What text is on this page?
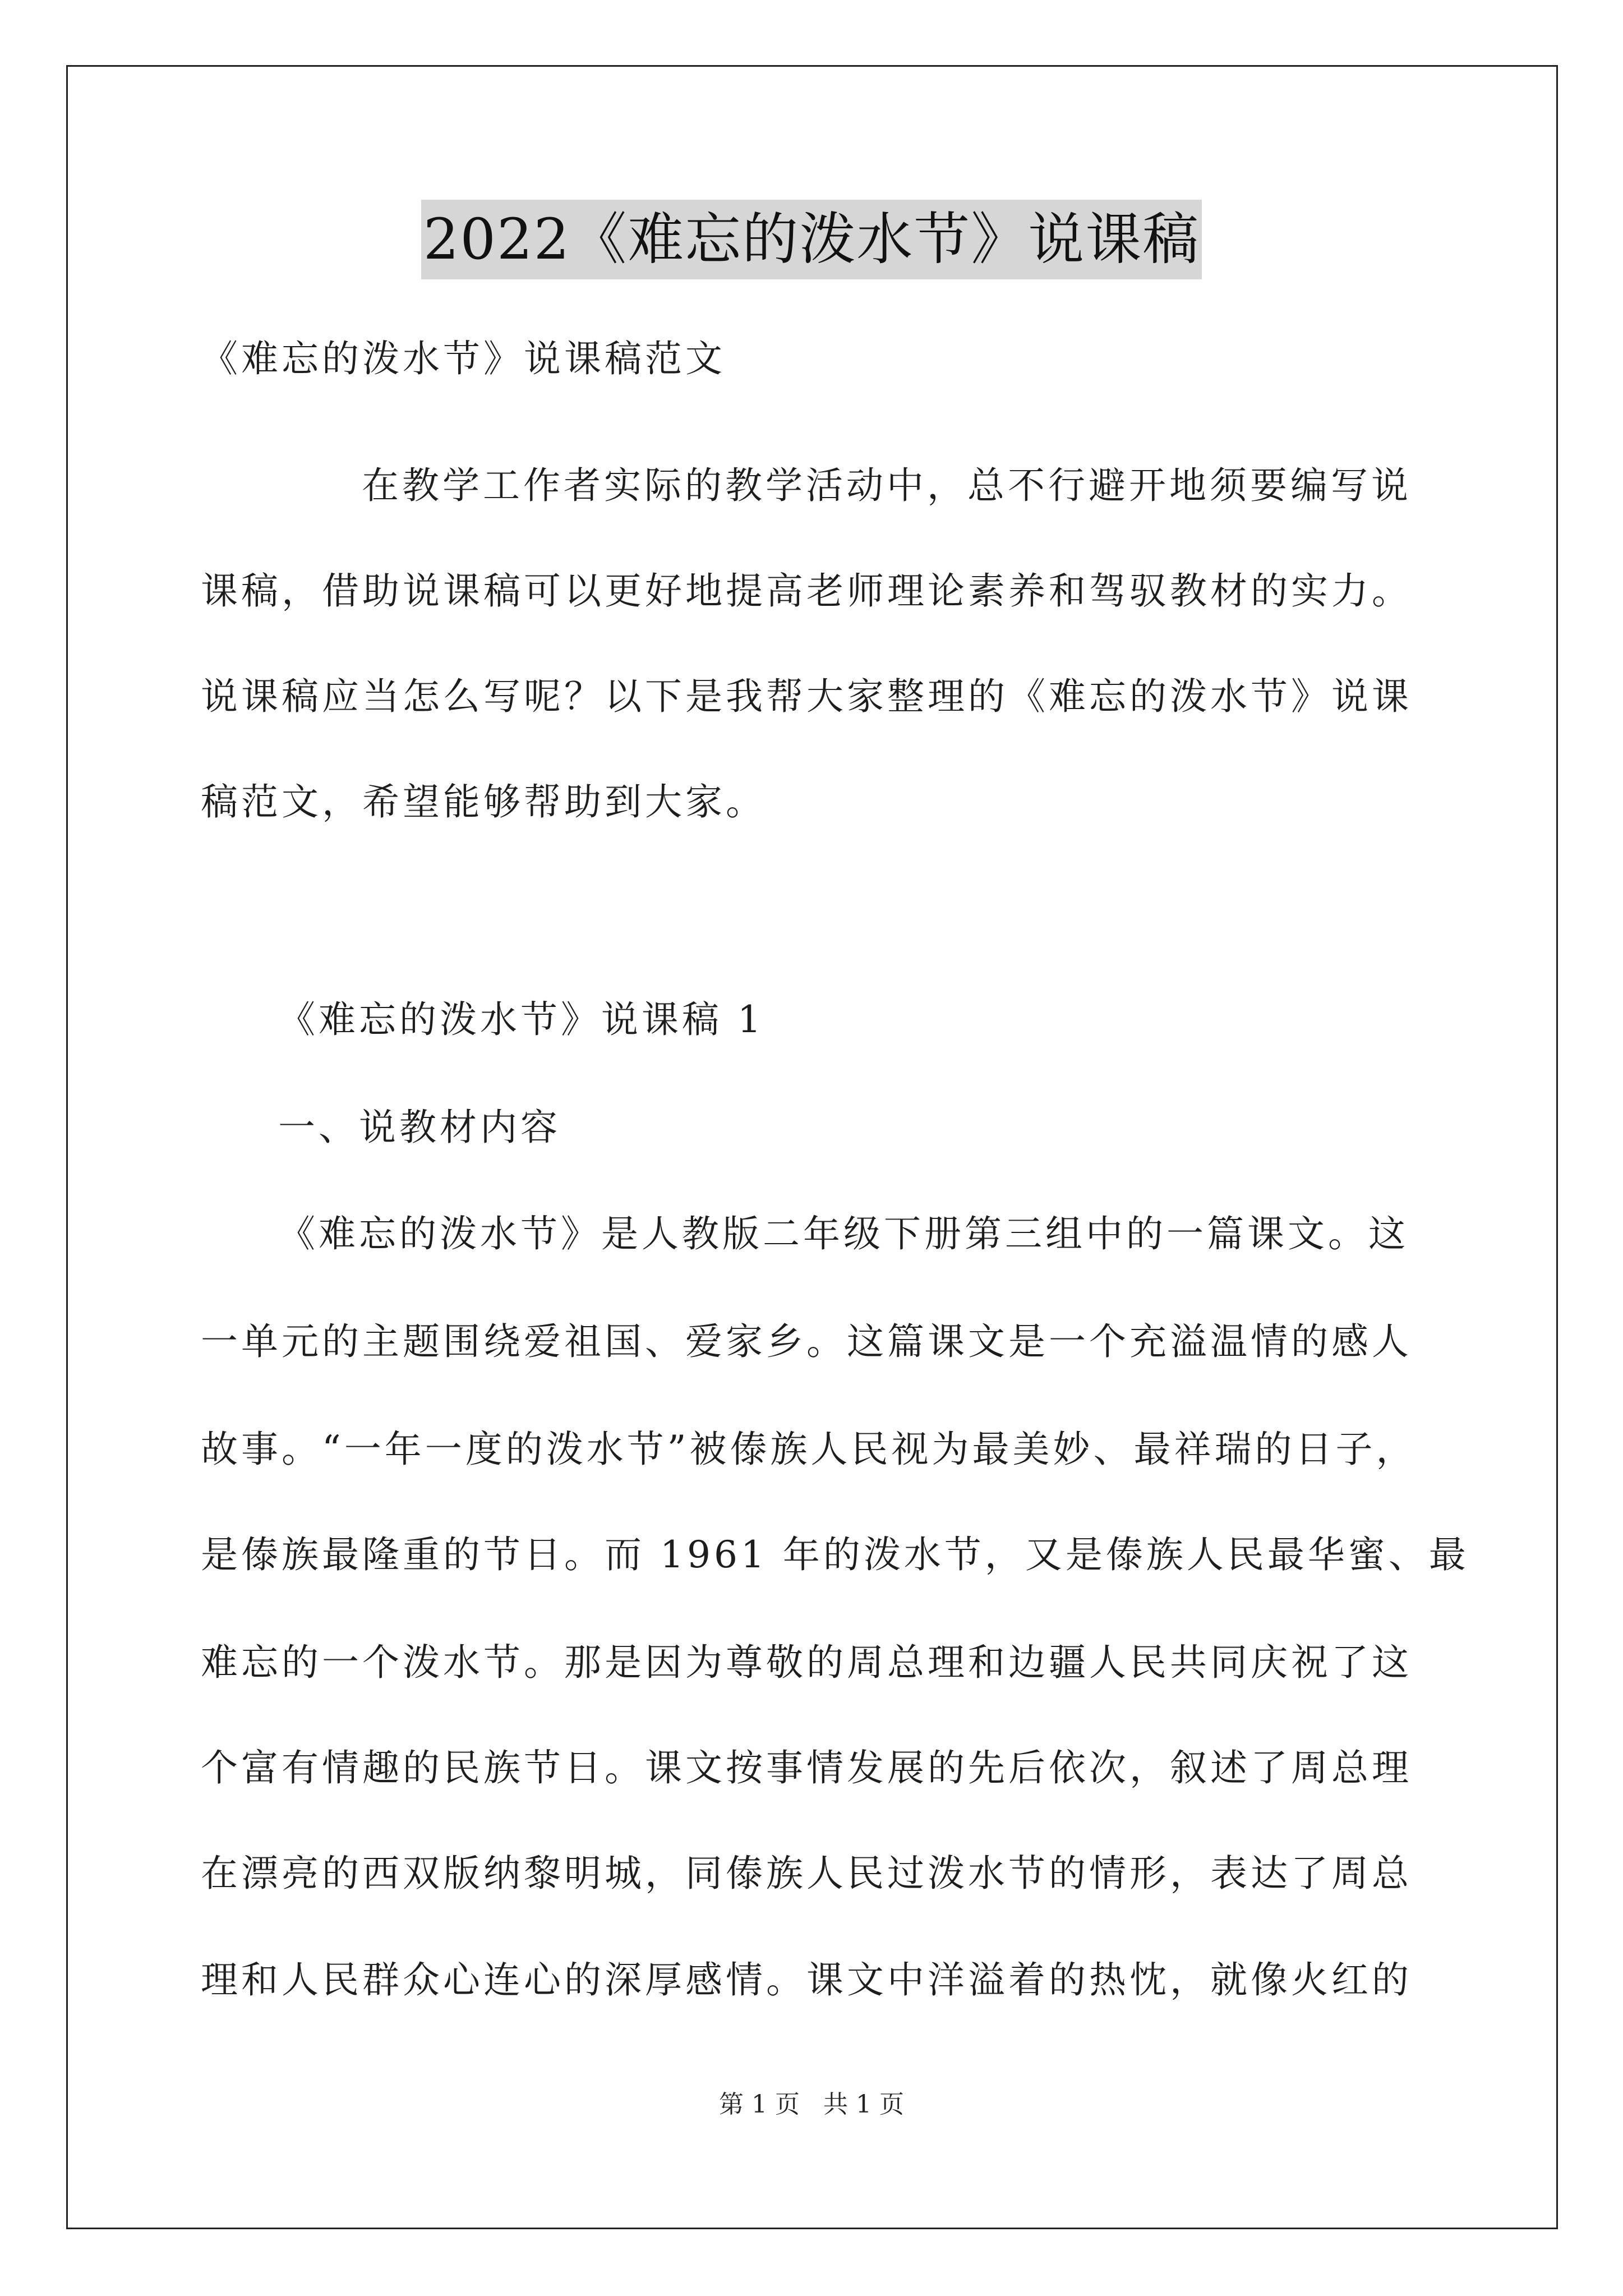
2022《难忘的泼水节》说课稿
《难忘的泼水节》说课稿范文
在教学工作者实际的教学活动中，总不行避开地须要编写说
课稿，借助说课稿可以更好地提高老师理论素养和驾驭教材的实力。
说课稿应当怎么写呢？以下是我帮大家整理的《难忘的泼水节》说课
稿范文，希望能够帮助到大家。
《难忘的泼水节》说课稿 1
一、说教材内容
《难忘的泼水节》是人教版二年级下册第三组中的一篇课文。这
一单元的主题围绕爱祖国、爱家乡。这篇课文是一个充溢温情的感人
故事。“一年一度的泼水节”被傣族人民视为最美妙、最祥瑞的日子，
是傣族最隆重的节日。而 1961 年的泼水节，又是傣族人民最华蜜、最
难忘的一个泼水节。那是因为尊敬的周总理和边疆人民共同庆祝了这
个富有情趣的民族节日。课文按事情发展的先后依次，叙述了周总理
在漂亮的西双版纳黎明城，同傣族人民过泼水节的情形，表达了周总
理和人民群众心连心的深厚感情。课文中洋溢着的热忱，就像火红的
第 1 页 共 1 页
